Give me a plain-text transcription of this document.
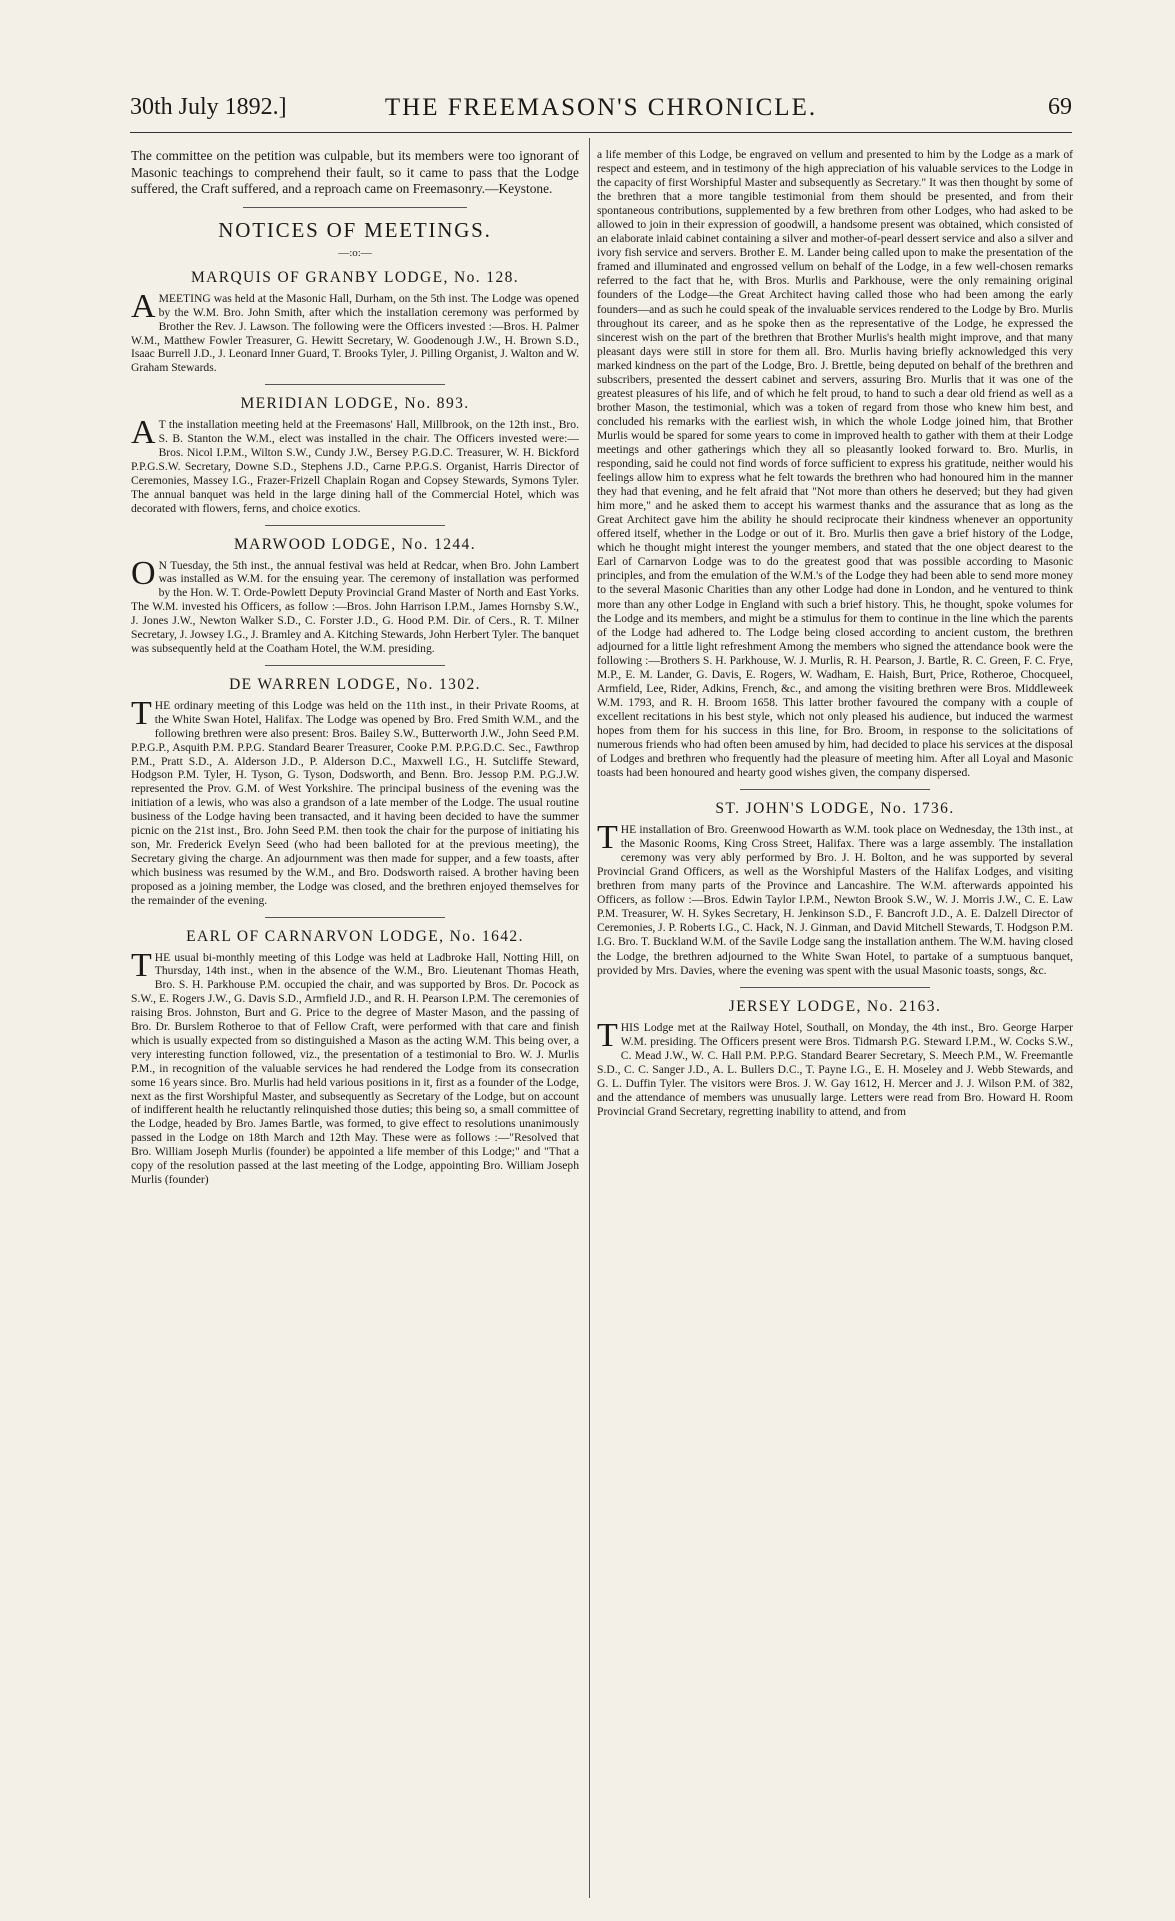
30th July 1892.]	THE FREEMASON'S CHRONICLE.	69

The committee on the petition was culpable, but its members were too ignorant of Masonic teachings to comprehend their fault, so it came to pass that the Lodge suffered, the Craft suffered, and a reproach came on Freemasonry.—Keystone.

NOTICES OF MEETINGS.
—:o:—
MARQUIS OF GRANBY LODGE, No. 128.

AMEETING was held at the Masonic Hall, Durham, on the 5th inst. The Lodge was opened by the W.M. Bro. John Smith, after which the installation ceremony was performed by Brother the Rev. J. Lawson. The following were the Officers invested :—Bros. H. Palmer W.M., Matthew Fowler Treasurer, G. Hewitt Secretary, W. Goodenough J.W., H. Brown S.D., Isaac Burrell J.D., J. Leonard Inner Guard, T. Brooks Tyler, J. Pilling Organist, J. Walton and W. Graham Stewards.

MERIDIAN LODGE, No. 893.

AT the installation meeting held at the Freemasons' Hall, Millbrook, on the 12th inst., Bro. S. B. Stanton the W.M., elect was installed in the chair. The Officers invested were:—Bros. Nicol I.P.M., Wilton S.W., Cundy J.W., Bersey P.G.D.C. Treasurer, W. H. Bickford P.P.G.S.W. Secretary, Downe S.D., Stephens J.D., Carne P.P.G.S. Organist, Harris Director of Ceremonies, Massey I.G., Frazer-Frizell Chaplain Rogan and Copsey Stewards, Symons Tyler. The annual banquet was held in the large dining hall of the Commercial Hotel, which was decorated with flowers, ferns, and choice exotics.

MARWOOD LODGE, No. 1244.

ON Tuesday, the 5th inst., the annual festival was held at Redcar, when Bro. John Lambert was installed as W.M. for the ensuing year. The ceremony of installation was performed by the Hon. W. T. Orde-Powlett Deputy Provincial Grand Master of North and East Yorks. The W.M. invested his Officers, as follow :—Bros. John Harrison I.P.M., James Hornsby S.W., J. Jones J.W., Newton Walker S.D., C. Forster J.D., G. Hood P.M. Dir. of Cers., R. T. Milner Secretary, J. Jowsey I.G., J. Bramley and A. Kitching Stewards, John Herbert Tyler. The banquet was subsequently held at the Coatham Hotel, the W.M. presiding.

DE WARREN LODGE, No. 1302.

THE ordinary meeting of this Lodge was held on the 11th inst., in their Private Rooms, at the White Swan Hotel, Halifax. The Lodge was opened by Bro. Fred Smith W.M., and the following brethren were also present: Bros. Bailey S.W., Butterworth J.W., John Seed P.M. P.P.G.P., Asquith P.M. P.P.G. Standard Bearer Treasurer, Cooke P.M. P.P.G.D.C. Sec., Fawthrop P.M., Pratt S.D., A. Alderson J.D., P. Alderson D.C., Maxwell I.G., H. Sutcliffe Steward, Hodgson P.M. Tyler, H. Tyson, G. Tyson, Dodsworth, and Benn. Bro. Jessop P.M. P.G.J.W. represented the Prov. G.M. of West Yorkshire. The principal business of the evening was the initiation of a lewis, who was also a grandson of a late member of the Lodge. The usual routine business of the Lodge having been transacted, and it having been decided to have the summer picnic on the 21st inst., Bro. John Seed P.M. then took the chair for the purpose of initiating his son, Mr. Frederick Evelyn Seed (who had been balloted for at the previous meeting), the Secretary giving the charge. An adjournment was then made for supper, and a few toasts, after which business was resumed by the W.M., and Bro. Dodsworth raised. A brother having been proposed as a joining member, the Lodge was closed, and the brethren enjoyed themselves for the remainder of the evening.

EARL OF CARNARVON LODGE, No. 1642.

THE usual bi-monthly meeting of this Lodge was held at Ladbroke Hall, Notting Hill, on Thursday, 14th inst., when in the absence of the W.M., Bro. Lieutenant Thomas Heath, Bro. S. H. Parkhouse P.M. occupied the chair, and was supported by Bros. Dr. Pocock as S.W., E. Rogers J.W., G. Davis S.D., Armfield J.D., and R. H. Pearson I.P.M. The ceremonies of raising Bros. Johnston, Burt and G. Price to the degree of Master Mason, and the passing of Bro. Dr. Burslem Rotheroe to that of Fellow Craft, were performed with that care and finish which is usually expected from so distinguished a Mason as the acting W.M. This being over, a very interesting function followed, viz., the presentation of a testimonial to Bro. W. J. Murlis P.M., in recognition of the valuable services he had rendered the Lodge from its consecration some 16 years since. Bro. Murlis had held various positions in it, first as a founder of the Lodge, next as the first Worshipful Master, and subsequently as Secretary of the Lodge, but on account of indifferent health he reluctantly relinquished those duties; this being so, a small committee of the Lodge, headed by Bro. James Bartle, was formed, to give effect to resolutions unanimously passed in the Lodge on 18th March and 12th May. These were as follows :—"Resolved that Bro. William Joseph Murlis (founder) be appointed a life member of this Lodge;" and "That a copy of the resolution passed at the last meeting of the Lodge, appointing Bro. William Joseph Murlis (founder)

a life member of this Lodge, be engraved on vellum and presented to him by the Lodge as a mark of respect and esteem, and in testimony of the high appreciation of his valuable services to the Lodge in the capacity of first Worshipful Master and subsequently as Secretary." It was then thought by some of the brethren that a more tangible testimonial from them should be presented, and from their spontaneous contributions, supplemented by a few brethren from other Lodges, who had asked to be allowed to join in their expression of goodwill, a handsome present was obtained, which consisted of an elaborate inlaid cabinet containing a silver and mother-of-pearl dessert service and also a silver and ivory fish service and servers. Brother E. M. Lander being called upon to make the presentation of the framed and illuminated and engrossed vellum on behalf of the Lodge, in a few well-chosen remarks referred to the fact that he, with Bros. Murlis and Parkhouse, were the only remaining original founders of the Lodge—the Great Architect having called those who had been among the early founders—and as such he could speak of the invaluable services rendered to the Lodge by Bro. Murlis throughout its career, and as he spoke then as the representative of the Lodge, he expressed the sincerest wish on the part of the brethren that Brother Murlis's health might improve, and that many pleasant days were still in store for them all. Bro. Murlis having briefly acknowledged this very marked kindness on the part of the Lodge, Bro. J. Brettle, being deputed on behalf of the brethren and subscribers, presented the dessert cabinet and servers, assuring Bro. Murlis that it was one of the greatest pleasures of his life, and of which he felt proud, to hand to such a dear old friend as well as a brother Mason, the testimonial, which was a token of regard from those who knew him best, and concluded his remarks with the earliest wish, in which the whole Lodge joined him, that Brother Murlis would be spared for some years to come in improved health to gather with them at their Lodge meetings and other gatherings which they all so pleasantly looked forward to. Bro. Murlis, in responding, said he could not find words of force sufficient to express his gratitude, neither would his feelings allow him to express what he felt towards the brethren who had honoured him in the manner they had that evening, and he felt afraid that "Not more than others he deserved; but they had given him more," and he asked them to accept his warmest thanks and the assurance that as long as the Great Architect gave him the ability he should reciprocate their kindness whenever an opportunity offered itself, whether in the Lodge or out of it. Bro. Murlis then gave a brief history of the Lodge, which he thought might interest the younger members, and stated that the one object dearest to the Earl of Carnarvon Lodge was to do the greatest good that was possible according to Masonic principles, and from the emulation of the W.M.'s of the Lodge they had been able to send more money to the several Masonic Charities than any other Lodge had done in London, and he ventured to think more than any other Lodge in England with such a brief history. This, he thought, spoke volumes for the Lodge and its members, and might be a stimulus for them to continue in the line which the parents of the Lodge had adhered to. The Lodge being closed according to ancient custom, the brethren adjourned for a little light refreshment Among the members who signed the attendance book were the following :—Brothers S. H. Parkhouse, W. J. Murlis, R. H. Pearson, J. Bartle, R. C. Green, F. C. Frye, M.P., E. M. Lander, G. Davis, E. Rogers, W. Wadham, E. Haish, Burt, Price, Rotheroe, Chocqueel, Armfield, Lee, Rider, Adkins, French, &c., and among the visiting brethren were Bros. Middleweek W.M. 1793, and R. H. Broom 1658. This latter brother favoured the company with a couple of excellent recitations in his best style, which not only pleased his audience, but induced the warmest hopes from them for his success in this line, for Bro. Broom, in response to the solicitations of numerous friends who had often been amused by him, had decided to place his services at the disposal of Lodges and brethren who frequently had the pleasure of meeting him. After all Loyal and Masonic toasts had been honoured and hearty good wishes given, the company dispersed.

ST. JOHN'S LODGE, No. 1736.

THE installation of Bro. Greenwood Howarth as W.M. took place on Wednesday, the 13th inst., at the Masonic Rooms, King Cross Street, Halifax. There was a large assembly. The installation ceremony was very ably performed by Bro. J. H. Bolton, and he was supported by several Provincial Grand Officers, as well as the Worshipful Masters of the Halifax Lodges, and visiting brethren from many parts of the Province and Lancashire. The W.M. afterwards appointed his Officers, as follow :—Bros. Edwin Taylor I.P.M., Newton Brook S.W., W. J. Morris J.W., C. E. Law P.M. Treasurer, W. H. Sykes Secretary, H. Jenkinson S.D., F. Bancroft J.D., A. E. Dalzell Director of Ceremonies, J. P. Roberts I.G., C. Hack, N. J. Ginman, and David Mitchell Stewards, T. Hodgson P.M. I.G. Bro. T. Buckland W.M. of the Savile Lodge sang the installation anthem. The W.M. having closed the Lodge, the brethren adjourned to the White Swan Hotel, to partake of a sumptuous banquet, provided by Mrs. Davies, where the evening was spent with the usual Masonic toasts, songs, &c.

JERSEY LODGE, No. 2163.

THIS Lodge met at the Railway Hotel, Southall, on Monday, the 4th inst., Bro. George Harper W.M. presiding. The Officers present were Bros. Tidmarsh P.G. Steward I.P.M., W. Cocks S.W., C. Mead J.W., W. C. Hall P.M. P.P.G. Standard Bearer Secretary, S. Meech P.M., W. Freemantle S.D., C. C. Sanger J.D., A. L. Bullers D.C., T. Payne I.G., E. H. Moseley and J. Webb Stewards, and G. L. Duffin Tyler. The visitors were Bros. J. W. Gay 1612, H. Mercer and J. J. Wilson P.M. of 382, and the attendance of members was unusually large. Letters were read from Bro. Howard H. Room Provincial Grand Secretary, regretting inability to attend, and from
